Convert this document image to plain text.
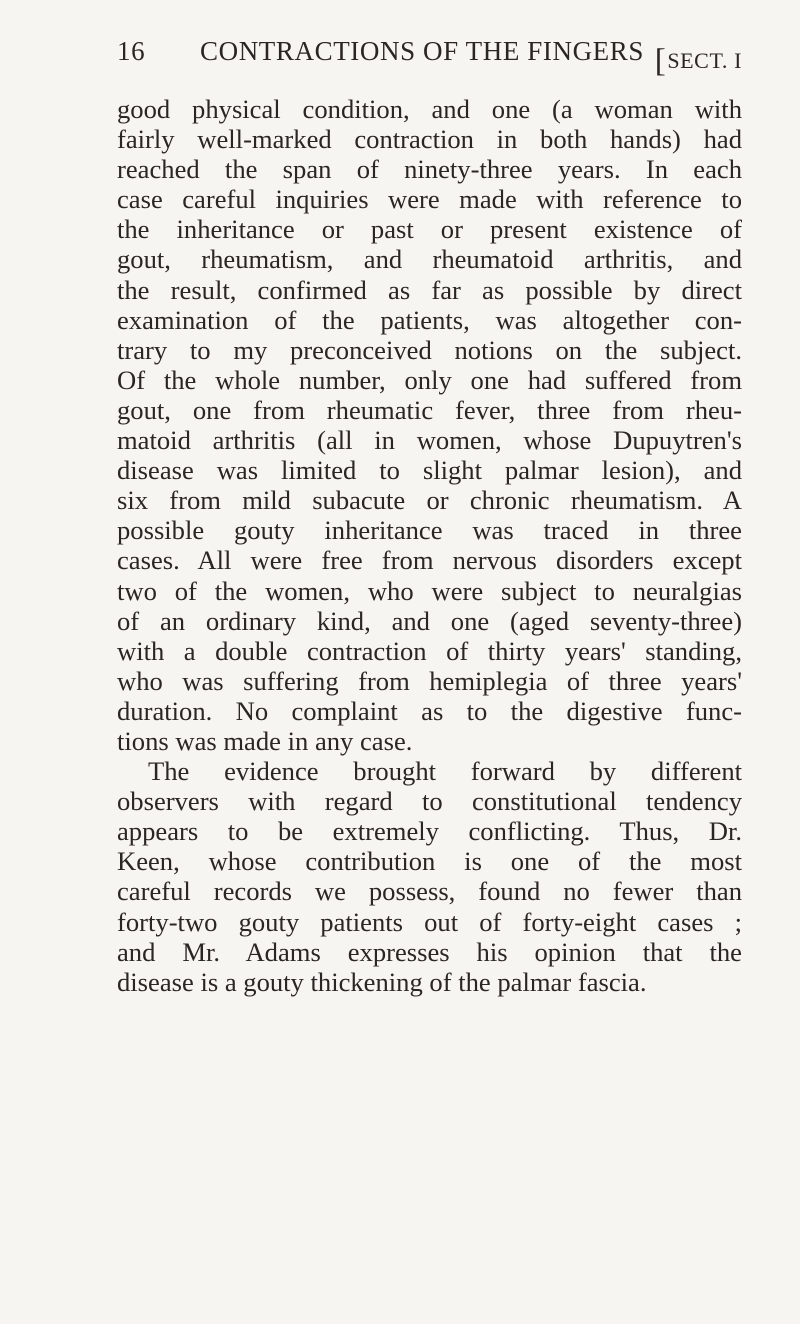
16 CONTRACTIONS OF THE FINGERS [SECT. I
good physical condition, and one (a woman with
fairly well-marked contraction in both hands) had
reached the span of ninety-three years. In each
case careful inquiries were made with reference to
the inheritance or past or present existence of
gout, rheumatism, and rheumatoid arthritis, and
the result, confirmed as far as possible by direct
examination of the patients, was altogether con-
trary to my preconceived notions on the subject.
Of the whole number, only one had suffered from
gout, one from rheumatic fever, three from rheu-
matoid arthritis (all in women, whose Dupuytren's
disease was limited to slight palmar lesion), and
six from mild subacute or chronic rheumatism. A
possible gouty inheritance was traced in three
cases. All were free from nervous disorders except
two of the women, who were subject to neuralgias
of an ordinary kind, and one (aged seventy-three)
with a double contraction of thirty years' standing,
who was suffering from hemiplegia of three years'
duration. No complaint as to the digestive func-
tions was made in any case.
The evidence brought forward by different
observers with regard to constitutional tendency
appears to be extremely conflicting. Thus, Dr.
Keen, whose contribution is one of the most
careful records we possess, found no fewer than
forty-two gouty patients out of forty-eight cases ;
and Mr. Adams expresses his opinion that the
disease is a gouty thickening of the palmar fascia.
